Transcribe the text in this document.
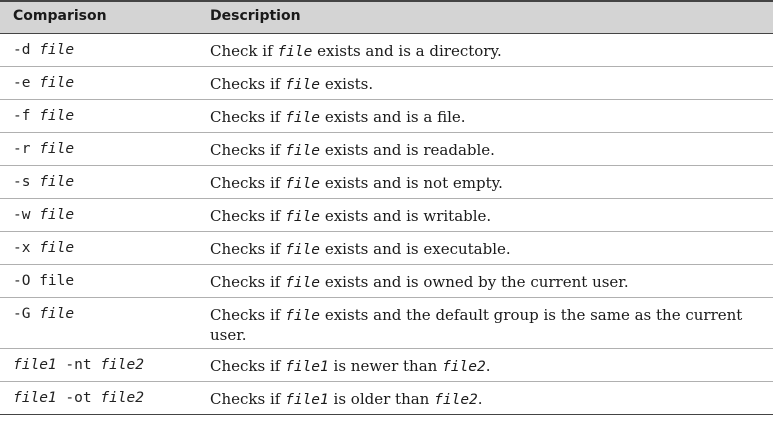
Comparison	Description
-d file	Check if file exists and is a directory.
-e file	Checks if file exists.
-f file	Checks if file exists and is a file.
-r file	Checks if file exists and is readable.
-s file	Checks if file exists and is not empty.
-w file	Checks if file exists and is writable.
-x file	Checks if file exists and is executable.
-O file	Checks if file exists and is owned by the current user.
-G file	Checks if file exists and the default group is the same as the current user.
file1 -nt file2	Checks if file1 is newer than file2.
file1 -ot file2	Checks if file1 is older than file2.
